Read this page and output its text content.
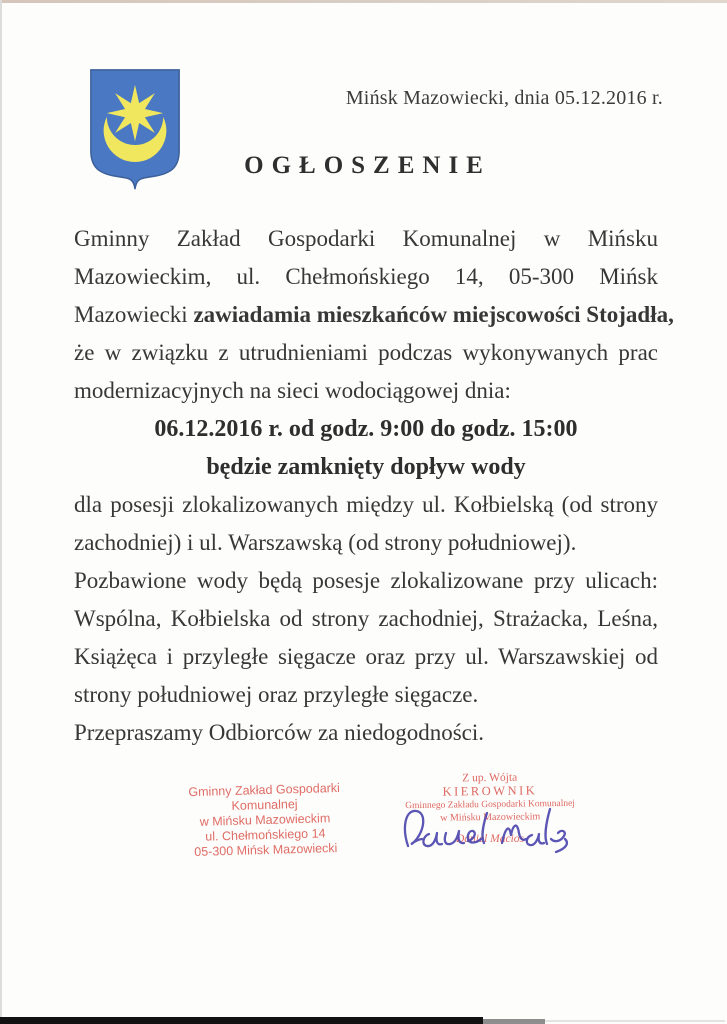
Mińsk Mazowiecki, dnia 05.12.2016 r.
OGŁOSZENIE
Gminny Zakład Gospodarki Komunalnej w Mińsku
Mazowieckim, ul. Chełmońskiego 14, 05-300 Mińsk
Mazowiecki zawiadamia mieszkańców miejscowości Stojadła,
że w związku z utrudnieniami podczas wykonywanych prac
modernizacyjnych na sieci wodociągowej dnia:
06.12.2016 r. od godz. 9:00 do godz. 15:00
będzie zamknięty dopływ wody
dla posesji zlokalizowanych między ul. Kołbielską (od strony
zachodniej) i ul. Warszawską (od strony południowej).
Pozbawione wody będą posesje zlokalizowane przy ulicach:
Wspólna, Kołbielska od strony zachodniej, Strażacka, Leśna,
Książęca i przyległe sięgacze oraz przy ul. Warszawskiej od
strony południowej oraz przyległe sięgacze.
Przepraszamy Odbiorców za niedogodności.
Gminny Zakład Gospodarki Komunalnej
w Mińsku Mazowieckim
ul. Chełmońskiego 14
05-300 Mińsk Mazowiecki
Z up. Wójta
KIEROWNIK
Gminnego Zakładu Gospodarki Komunalnej
w Mińsku Mazowieckim
Daniel Macios
